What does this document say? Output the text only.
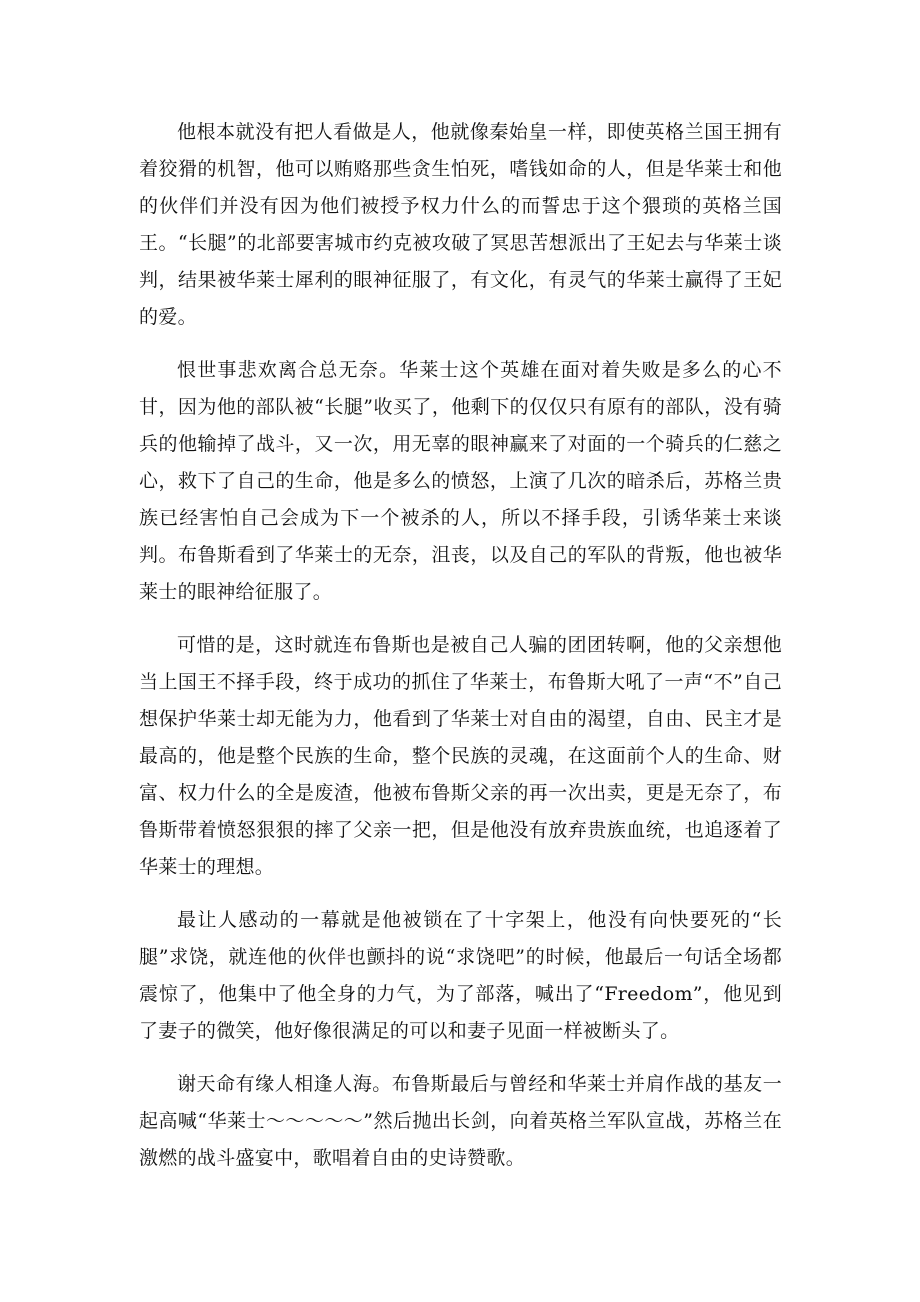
他根本就没有把人看做是人，他就像秦始皇一样，即使英格兰国王拥有着狡猾的机智，他可以贿赂那些贪生怕死，嗜钱如命的人，但是华莱士和他的伙伴们并没有因为他们被授予权力什么的而誓忠于这个猥琐的英格兰国王。“长腿”的北部要害城市约克被攻破了冥思苦想派出了王妃去与华莱士谈判，结果被华莱士犀利的眼神征服了，有文化，有灵气的华莱士赢得了王妃的爱。

恨世事悲欢离合总无奈。华莱士这个英雄在面对着失败是多么的心不甘，因为他的部队被“长腿”收买了，他剩下的仅仅只有原有的部队，没有骑兵的他输掉了战斗，又一次，用无辜的眼神赢来了对面的一个骑兵的仁慈之心，救下了自己的生命，他是多么的愤怒，上演了几次的暗杀后，苏格兰贵族已经害怕自己会成为下一个被杀的人，所以不择手段，引诱华莱士来谈判。布鲁斯看到了华莱士的无奈，沮丧，以及自己的军队的背叛，他也被华莱士的眼神给征服了。

可惜的是，这时就连布鲁斯也是被自己人骗的团团转啊，他的父亲想他当上国王不择手段，终于成功的抓住了华莱士，布鲁斯大吼了一声“不”自己想保护华莱士却无能为力，他看到了华莱士对自由的渴望，自由、民主才是最高的，他是整个民族的生命，整个民族的灵魂，在这面前个人的生命、财富、权力什么的全是废渣，他被布鲁斯父亲的再一次出卖，更是无奈了，布鲁斯带着愤怒狠狠的摔了父亲一把，但是他没有放弃贵族血统，也追逐着了华莱士的理想。

最让人感动的一幕就是他被锁在了十字架上，他没有向快要死的“长腿”求饶，就连他的伙伴也颤抖的说“求饶吧”的时候，他最后一句话全场都震惊了，他集中了他全身的力气，为了部落，喊出了“Freedom”，他见到了妻子的微笑，他好像很满足的可以和妻子见面一样被断头了。

谢天命有缘人相逢人海。布鲁斯最后与曾经和华莱士并肩作战的基友一起高喊“华莱士～～～～～”然后抛出长剑，向着英格兰军队宣战，苏格兰在激燃的战斗盛宴中，歌唱着自由的史诗赞歌。
